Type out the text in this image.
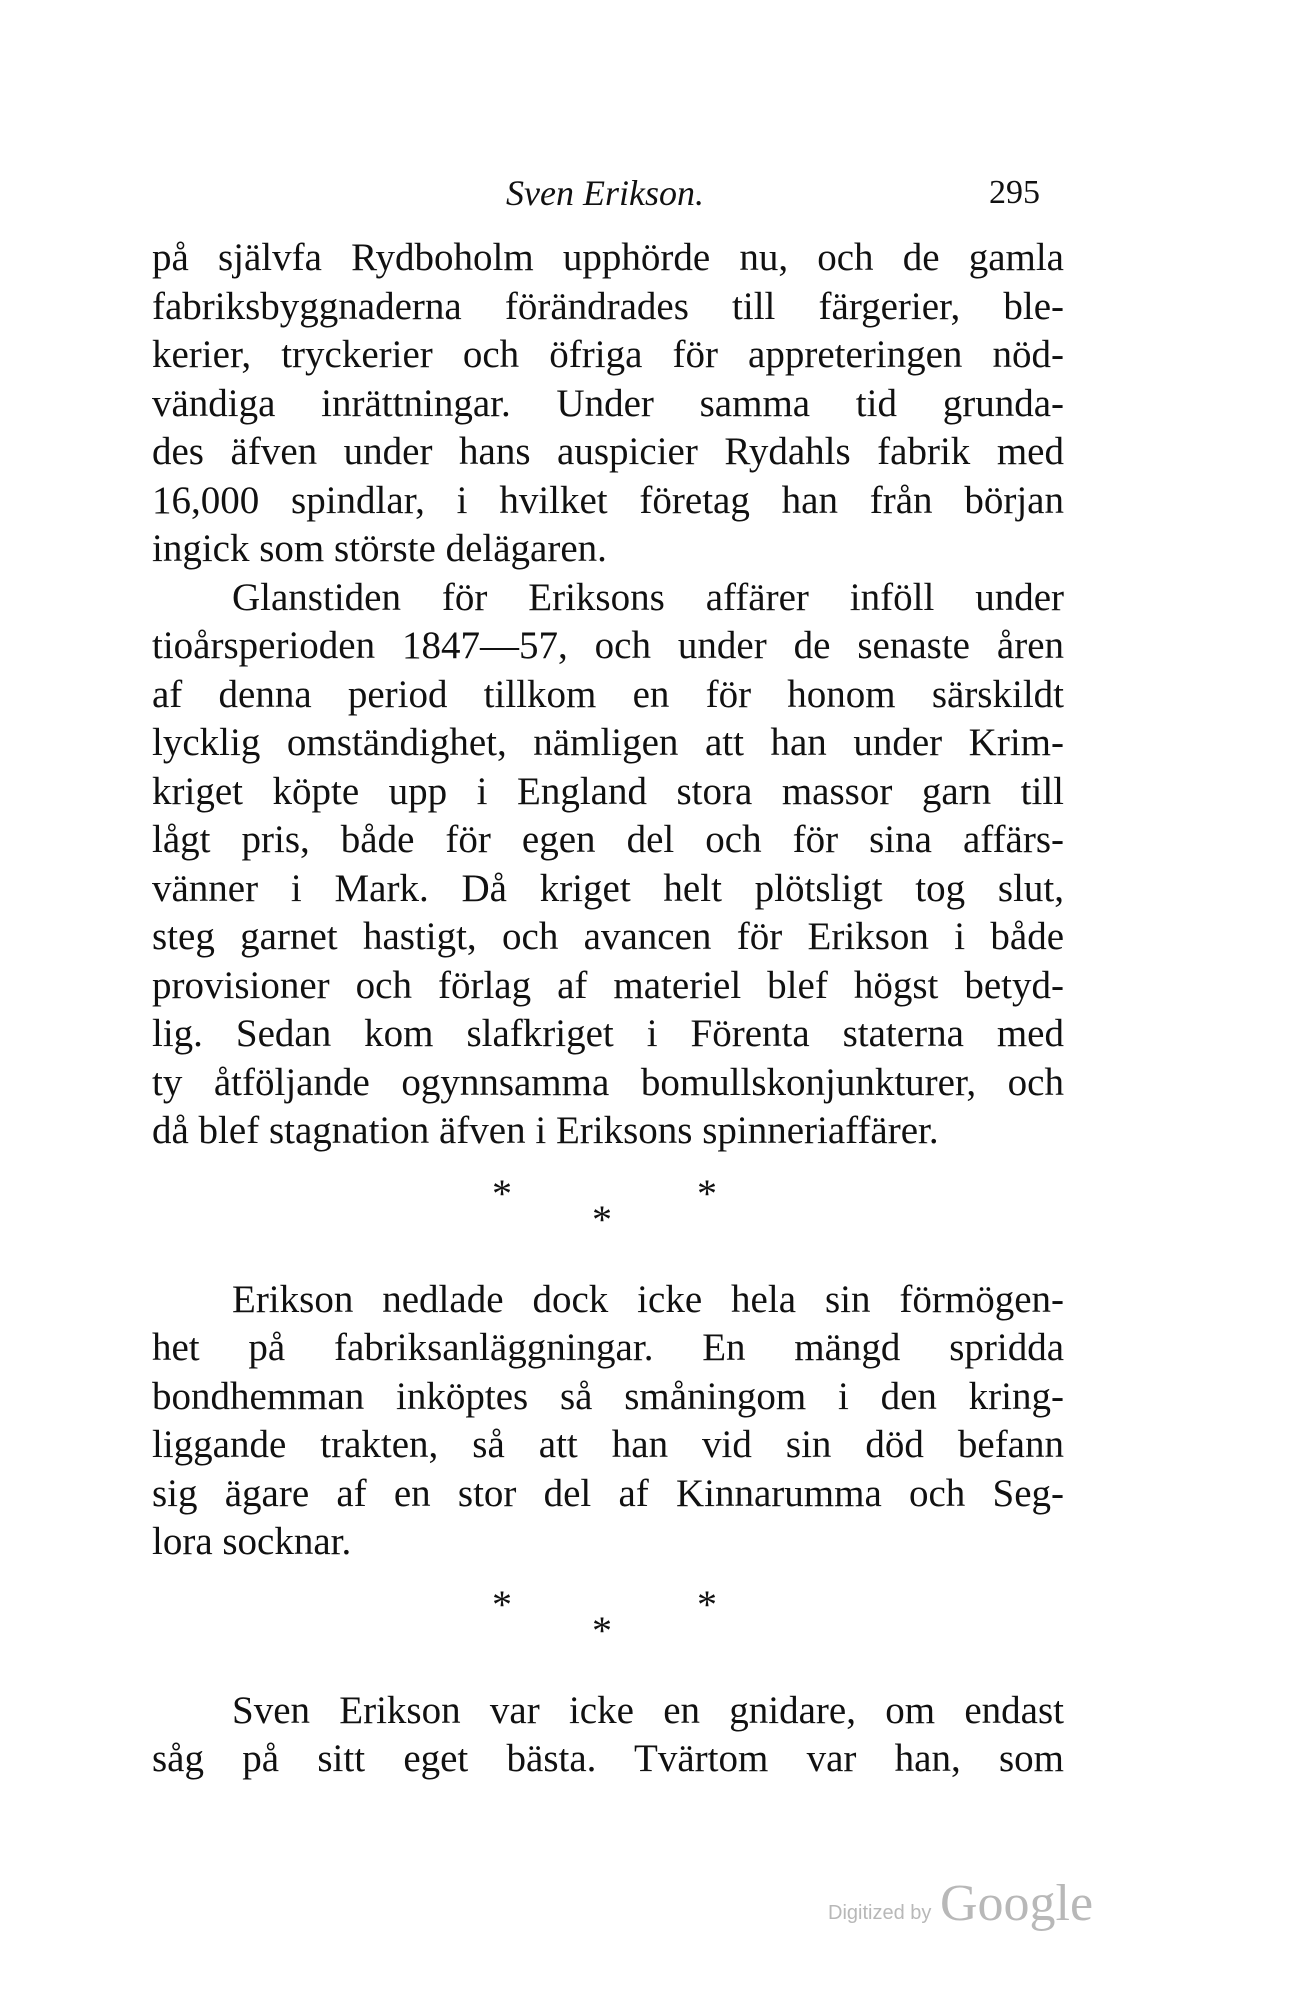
Sven Erikson.	295
på självfa Rydboholm upphörde nu, och de gamla
fabriksbyggnaderna förändrades till färgerier, ble-
kerier, tryckerier och öfriga för appreteringen nöd-
vändiga inrättningar. Under samma tid grunda-
des äfven under hans auspicier Rydahls fabrik med
16,000 spindlar, i hvilket företag han från början
ingick som störste delägaren.
Glanstiden för Eriksons affärer inföll under
tioårsperioden 1847—57, och under de senaste åren
af denna period tillkom en för honom särskildt
lycklig omständighet, nämligen att han under Krim-
kriget köpte upp i England stora massor garn till
lågt pris, både för egen del och för sina affärs-
vänner i Mark. Då kriget helt plötsligt tog slut,
steg garnet hastigt, och avancen för Erikson i både
provisioner och förlag af materiel blef högst betyd-
lig. Sedan kom slafkriget i Förenta staterna med
ty åtföljande ogynnsamma bomullskonjunkturer, och
då blef stagnation äfven i Eriksons spinneriaffärer.
*
*
*
Erikson nedlade dock icke hela sin förmögen-
het på fabriksanläggningar. En mängd spridda
bondhemman inköptes så småningom i den kring-
liggande trakten, så att han vid sin död befann
sig ägare af en stor del af Kinnarumma och Seg-
lora socknar.
*
*
*
Sven Erikson var icke en gnidare, om endast
såg på sitt eget bästa. Tvärtom var han, som
Digitized by Google
